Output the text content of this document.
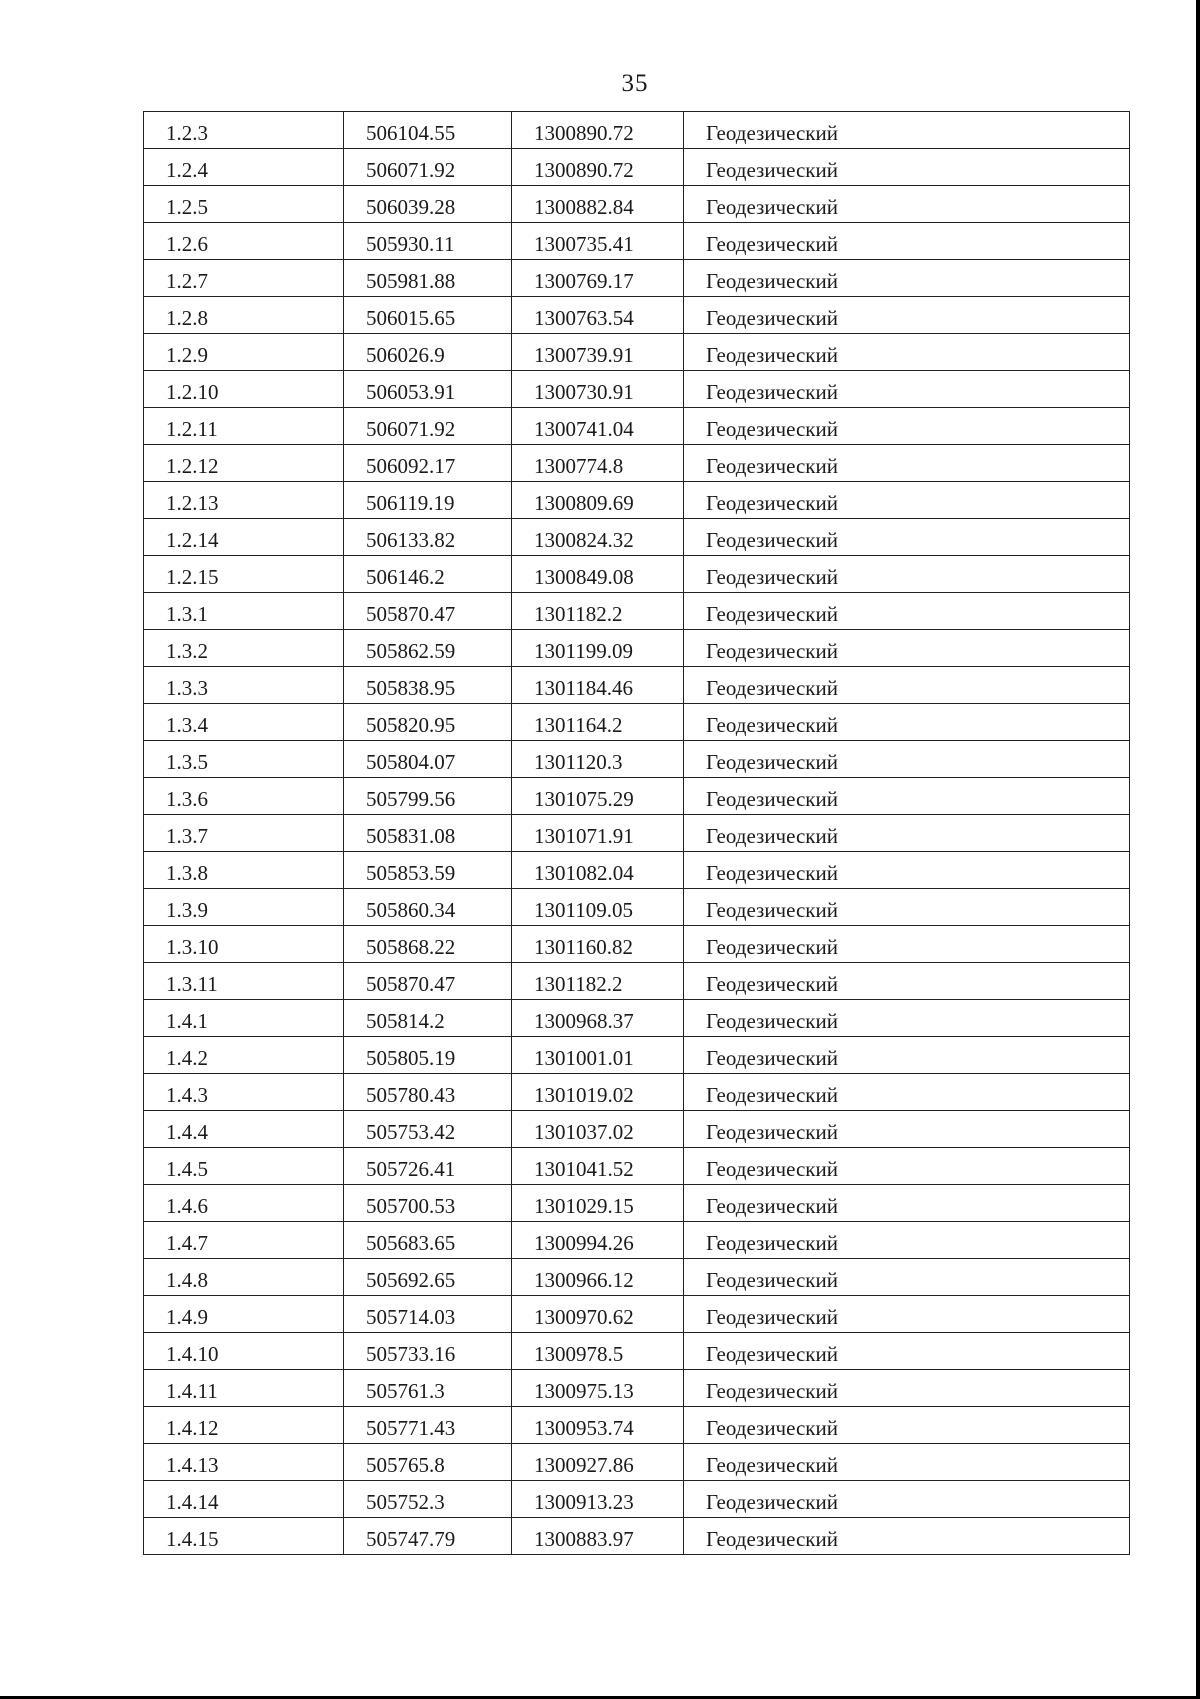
35
1.2.3	506104.55	1300890.72	Геодезический
1.2.4	506071.92	1300890.72	Геодезический
1.2.5	506039.28	1300882.84	Геодезический
1.2.6	505930.11	1300735.41	Геодезический
1.2.7	505981.88	1300769.17	Геодезический
1.2.8	506015.65	1300763.54	Геодезический
1.2.9	506026.9	1300739.91	Геодезический
1.2.10	506053.91	1300730.91	Геодезический
1.2.11	506071.92	1300741.04	Геодезический
1.2.12	506092.17	1300774.8	Геодезический
1.2.13	506119.19	1300809.69	Геодезический
1.2.14	506133.82	1300824.32	Геодезический
1.2.15	506146.2	1300849.08	Геодезический
1.3.1	505870.47	1301182.2	Геодезический
1.3.2	505862.59	1301199.09	Геодезический
1.3.3	505838.95	1301184.46	Геодезический
1.3.4	505820.95	1301164.2	Геодезический
1.3.5	505804.07	1301120.3	Геодезический
1.3.6	505799.56	1301075.29	Геодезический
1.3.7	505831.08	1301071.91	Геодезический
1.3.8	505853.59	1301082.04	Геодезический
1.3.9	505860.34	1301109.05	Геодезический
1.3.10	505868.22	1301160.82	Геодезический
1.3.11	505870.47	1301182.2	Геодезический
1.4.1	505814.2	1300968.37	Геодезический
1.4.2	505805.19	1301001.01	Геодезический
1.4.3	505780.43	1301019.02	Геодезический
1.4.4	505753.42	1301037.02	Геодезический
1.4.5	505726.41	1301041.52	Геодезический
1.4.6	505700.53	1301029.15	Геодезический
1.4.7	505683.65	1300994.26	Геодезический
1.4.8	505692.65	1300966.12	Геодезический
1.4.9	505714.03	1300970.62	Геодезический
1.4.10	505733.16	1300978.5	Геодезический
1.4.11	505761.3	1300975.13	Геодезический
1.4.12	505771.43	1300953.74	Геодезический
1.4.13	505765.8	1300927.86	Геодезический
1.4.14	505752.3	1300913.23	Геодезический
1.4.15	505747.79	1300883.97	Геодезический
